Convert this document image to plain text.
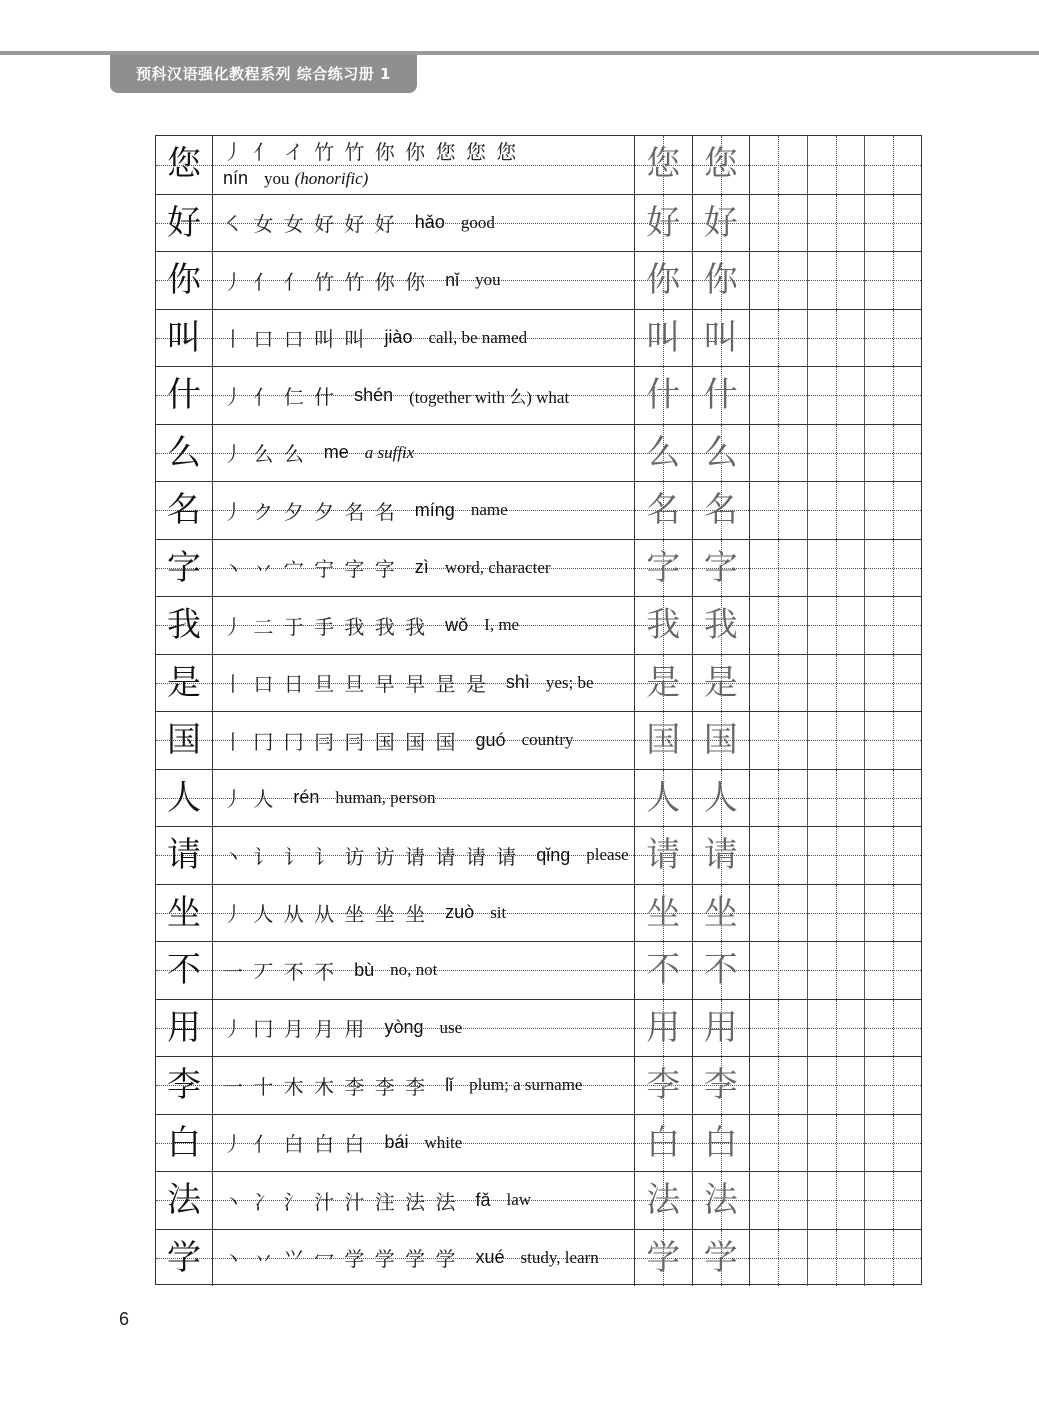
预科汉语强化教程系列 综合练习册 1
您	丿 亻 イ 竹 竹 你 你 您 您 您
nín you (honorific)	您 您
好	㇛ 女 女 好 好 好 hǎo good	好 好
你	丿 亻 亻 竹 竹 你 你 nǐ you	你 你
叫	丨 口 口 叫 叫 jiào call, be named	叫 叫
什	丿 亻 仁 什 shén (together with 么) what	什 什
么	丿 么 么 me a suffix	么 么
名	丿 ク 夕 夕 名 名 míng name	名 名
字	丶 丷 宀 宁 字 字 zì word, character	字 字
我	丿 二 于 手 我 我 我 wǒ I, me	我 我
是	丨 口 日 旦 旦 早 早 昰 是 shì yes; be	是 是
国	丨 冂 冂 冃 冃 国 国 国 guó country	国 国
人	丿 人 rén human, person	人 人
请	丶 讠 讠 讠 访 访 请 请 请 请 qǐng please 请 请
坐	丿 人 从 从 坐 坐 坐 zuò sit	坐 坐
不	一 丆 不 不 bù no, not	不 不
用	丿 冂 月 月 用 yòng use	用 用
李	一 十 木 木 李 李 李 lǐ plum; a surname	李 李
白	丿 亻 白 白 白 bái white	白 白
法	丶 冫 氵 汁 汁 注 法 法 fǎ law	法 法
学	丶 丷 ⺍ 冖 学 学 学 学 xué study, learn	学 学
6
